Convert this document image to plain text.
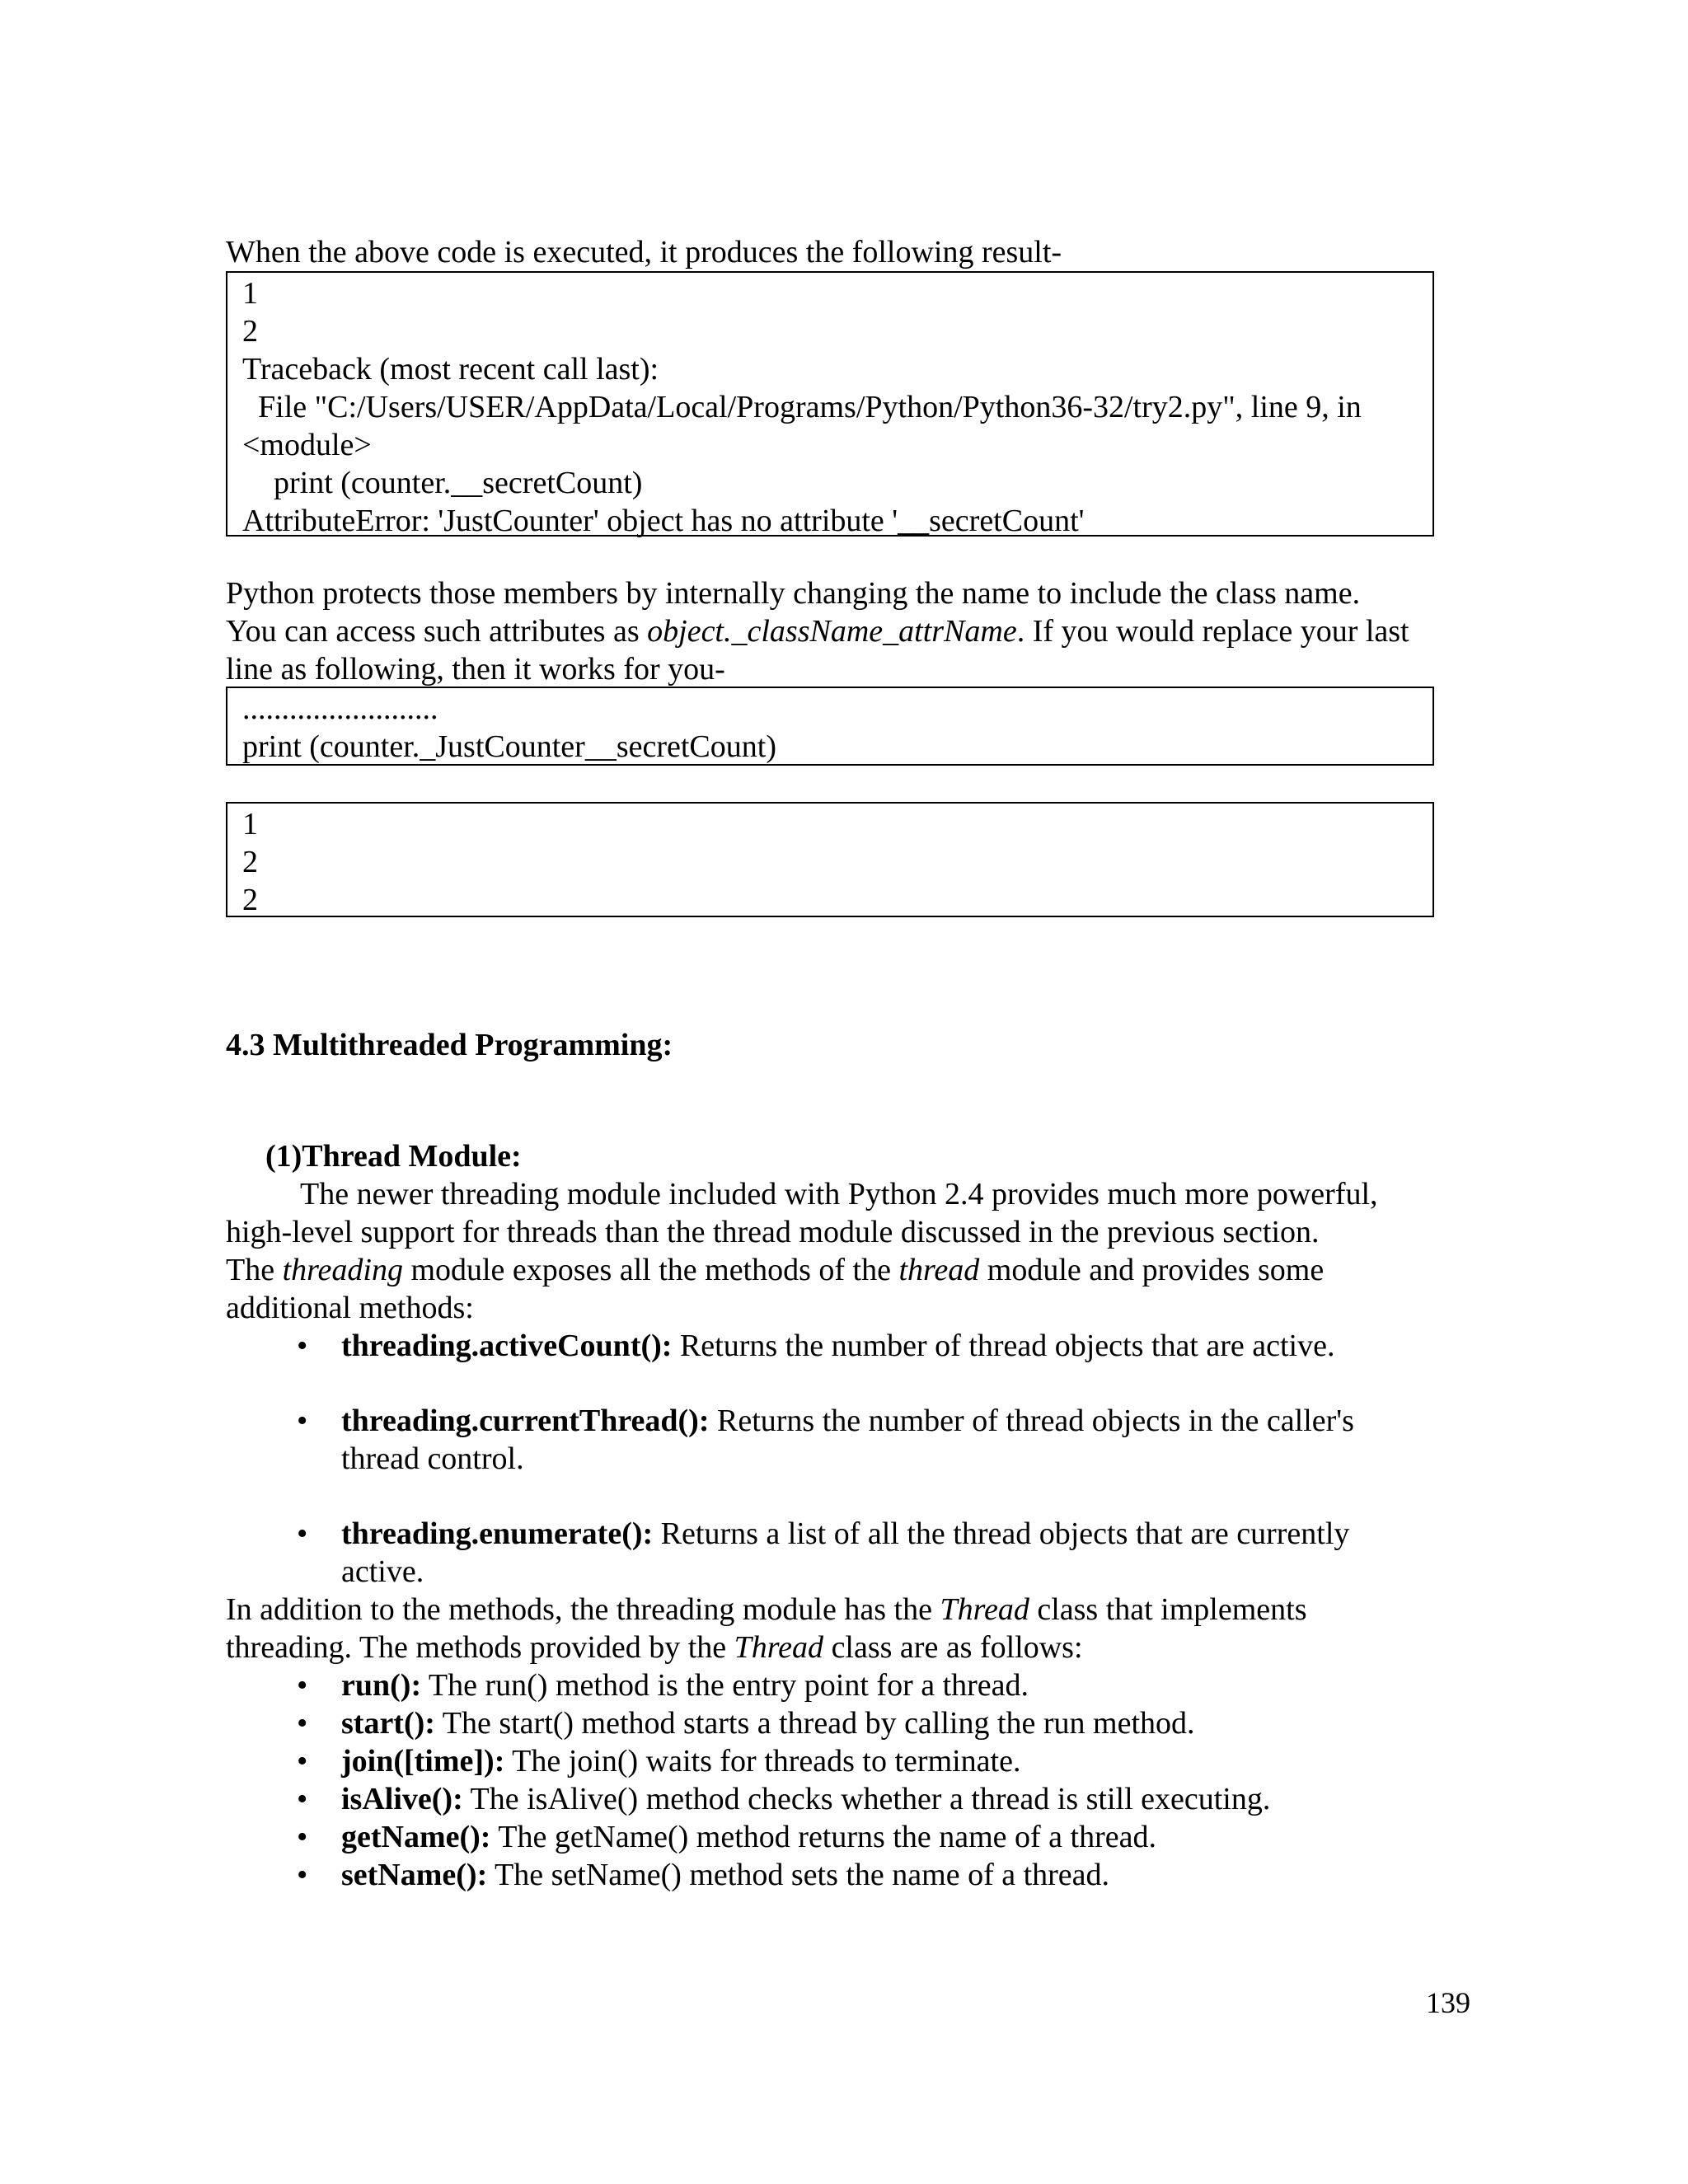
When the above code is executed, it produces the following result-
1
2
Traceback (most recent call last):
File "C:/Users/USER/AppData/Local/Programs/Python/Python36-32/try2.py", line 9, in
<module>
print (counter.__secretCount)
AttributeError: 'JustCounter' object has no attribute '__secretCount'
Python protects those members by internally changing the name to include the class name.
You can access such attributes as object._className_attrName. If you would replace your last
line as following, then it works for you-
.........................
print (counter._JustCounter__secretCount)
1
2
2
4.3 Multithreaded Programming:
(1)Thread Module:
The newer threading module included with Python 2.4 provides much more powerful,
high-level support for threads than the thread module discussed in the previous section.
The threading module exposes all the methods of the thread module and provides some
additional methods:
• threading.activeCount(): Returns the number of thread objects that are active.
• threading.currentThread(): Returns the number of thread objects in the caller's
thread control.
• threading.enumerate(): Returns a list of all the thread objects that are currently
active.
In addition to the methods, the threading module has the Thread class that implements
threading. The methods provided by the Thread class are as follows:
• run(): The run() method is the entry point for a thread.
• start(): The start() method starts a thread by calling the run method.
• join([time]): The join() waits for threads to terminate.
• isAlive(): The isAlive() method checks whether a thread is still executing.
• getName(): The getName() method returns the name of a thread.
• setName(): The setName() method sets the name of a thread.
139
